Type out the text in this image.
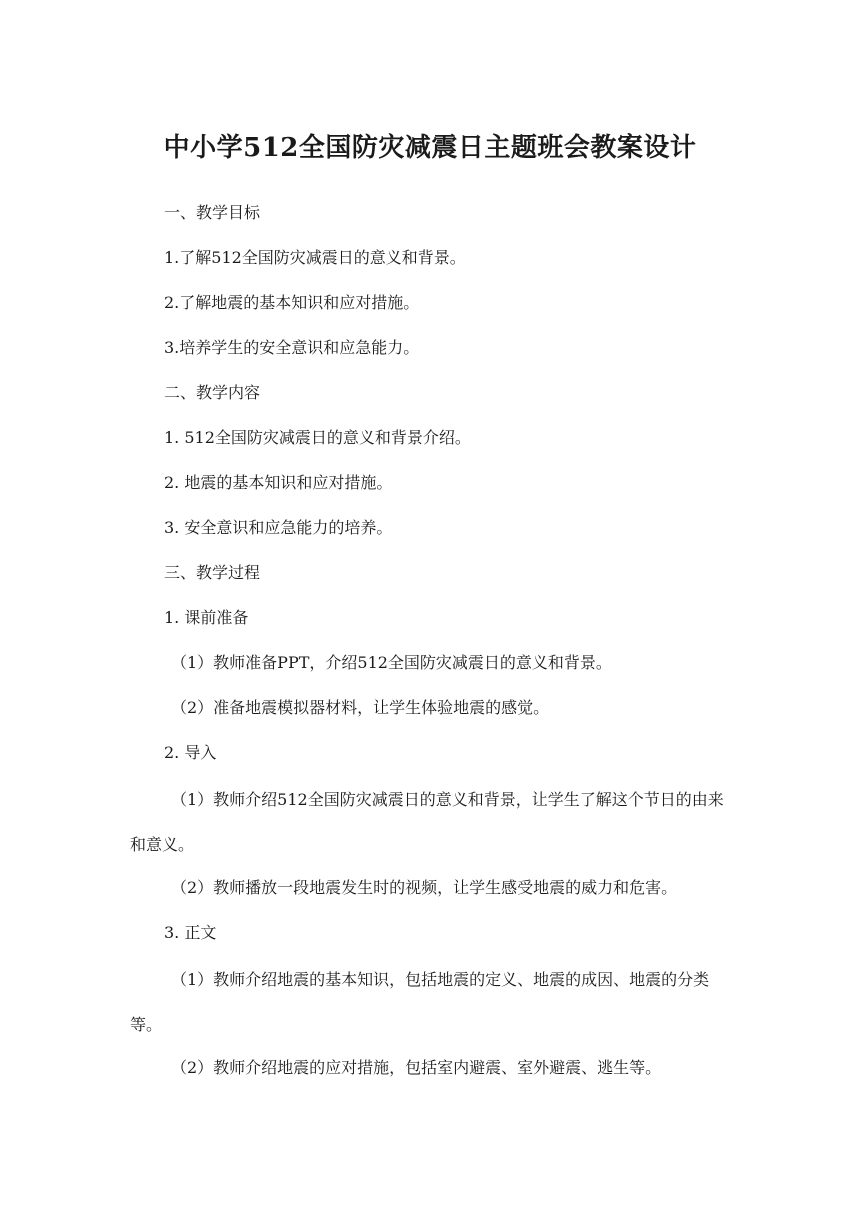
中小学512全国防灾减震日主题班会教案设计

一、教学目标

1.了解512全国防灾减震日的意义和背景。

2.了解地震的基本知识和应对措施。

3.培养学生的安全意识和应急能力。

二、教学内容

1. 512全国防灾减震日的意义和背景介绍。

2. 地震的基本知识和应对措施。

3. 安全意识和应急能力的培养。

三、教学过程

1. 课前准备

（1）教师准备PPT，介绍512全国防灾减震日的意义和背景。

（2）准备地震模拟器材料，让学生体验地震的感觉。

2. 导入

（1）教师介绍512全国防灾减震日的意义和背景，让学生了解这个节日的由来和意义。

（2）教师播放一段地震发生时的视频，让学生感受地震的威力和危害。

3. 正文

（1）教师介绍地震的基本知识，包括地震的定义、地震的成因、地震的分类等。

（2）教师介绍地震的应对措施，包括室内避震、室外避震、逃生等。
